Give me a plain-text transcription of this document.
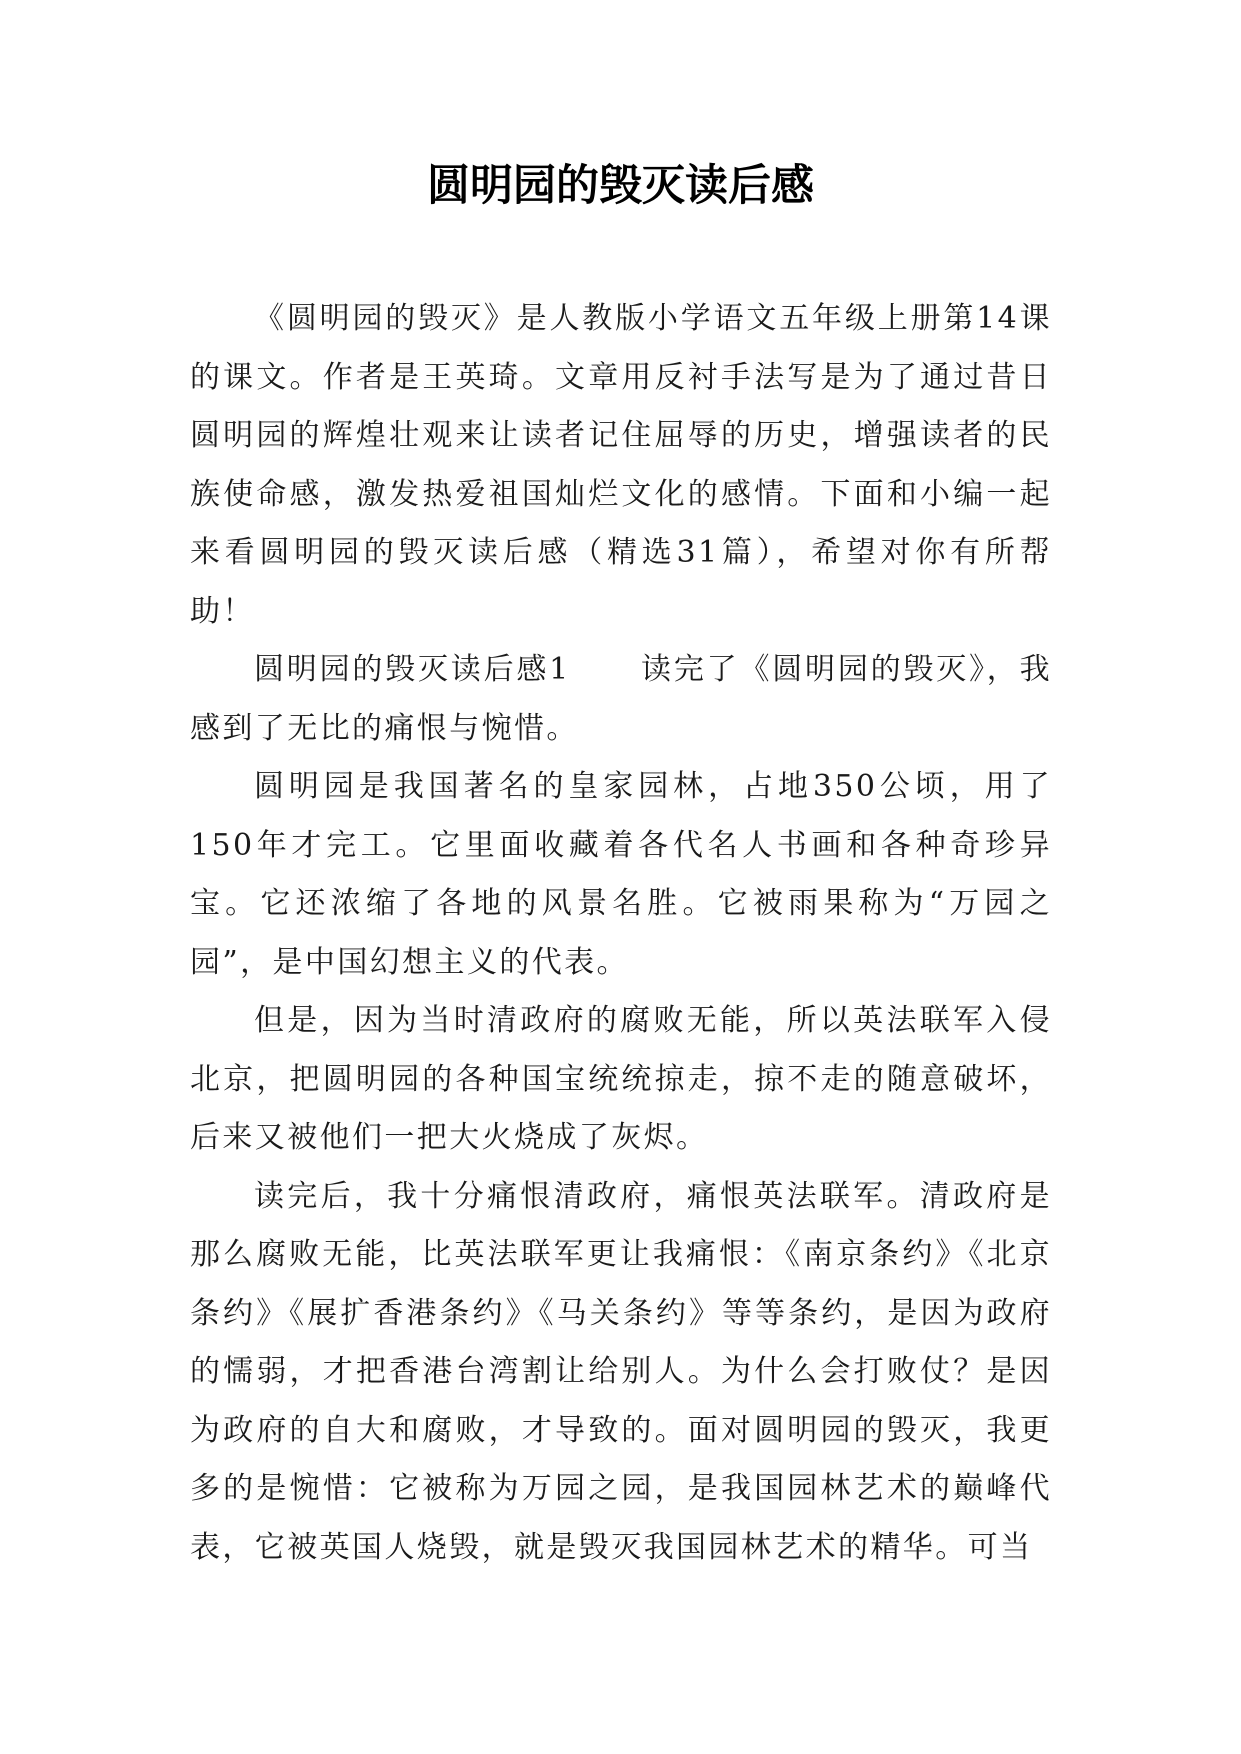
圆明园的毁灭读后感

《圆明园的毁灭》是人教版小学语文五年级上册第14课的课文。作者是王英琦。文章用反衬手法写是为了通过昔日圆明园的辉煌壮观来让读者记住屈辱的历史，增强读者的民族使命感，激发热爱祖国灿烂文化的感情。下面和小编一起来看圆明园的毁灭读后感（精选31篇），希望对你有所帮助！

圆明园的毁灭读后感1 读完了《圆明园的毁灭》，我感到了无比的痛恨与惋惜。

圆明园是我国著名的皇家园林，占地350公顷，用了150年才完工。它里面收藏着各代名人书画和各种奇珍异宝。它还浓缩了各地的风景名胜。它被雨果称为“万园之园”，是中国幻想主义的代表。

但是，因为当时清政府的腐败无能，所以英法联军入侵北京，把圆明园的各种国宝统统掠走，掠不走的随意破坏，后来又被他们一把大火烧成了灰烬。

读完后，我十分痛恨清政府，痛恨英法联军。清政府是那么腐败无能，比英法联军更让我痛恨：《南京条约》《北京条约》《展扩香港条约》《马关条约》等等条约，是因为政府的懦弱，才把香港台湾割让给别人。为什么会打败仗？是因为政府的自大和腐败，才导致的。面对圆明园的毁灭，我更多的是惋惜：它被称为万园之园，是我国园林艺术的巅峰代表，它被英国人烧毁，就是毁灭我国园林艺术的精华。可当
